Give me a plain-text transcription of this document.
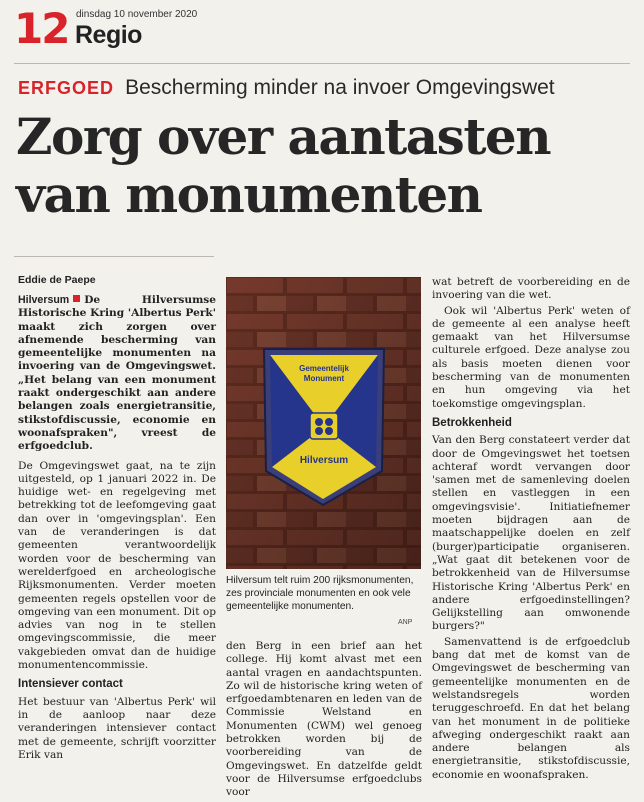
12 dinsdag 10 november 2020
Regio
ERFGOED Bescherming minder na invoer Omgevingswet
Zorg over aantasten
van monumenten
Eddie de Paepe

Hilversum De Hilversumse Historische Kring 'Albertus Perk' maakt zich zorgen over afnemende bescherming van gemeentelijke monumenten na invoering van de Omgevingswet. „Het belang van een monument raakt ondergeschikt aan andere belangen zoals energietransitie, stikstofdiscussie, economie en woonafspraken", vreest de erfgoedclub.

De Omgevingswet gaat, na te zijn uitgesteld, op 1 januari 2022 in. De huidige wet- en regelgeving met betrekking tot de leefomgeving gaat dan over in 'omgevingsplan'. Een van de veranderingen is dat gemeenten verantwoordelijk worden voor de bescherming van werelderfgoed en archeologische Rijksmonumenten. Verder moeten gemeenten regels opstellen voor de omgeving van een monument. Dit op advies van nog in te stellen omgevingscommissie, die meer vakgebieden omvat dan de huidige monumentencommissie.

Intensiever contact

Het bestuur van 'Albertus Perk' wil in de aanloop naar deze veranderingen intensiever contact met de gemeente, schrijft voorzitter Erik van

Gemeentelijk
Monument
Hilversum
Hilversum telt ruim 200 rijksmonumenten, zes provinciale monumenten en ook vele gemeentelijke monumenten.
ANP

den Berg in een brief aan het college. Hij komt alvast met een aantal vragen en aandachtspunten. Zo wil de historische kring weten of erfgoedambtenaren en leden van de Commissie Welstand en Monumenten (CWM) wel genoeg betrokken worden bij de voorbereiding van de Omgevingswet. En datzelfde geldt voor de Hilversumse erfgoedclubs voor

wat betreft de voorbereiding en de invoering van die wet.

Ook wil 'Albertus Perk' weten of de gemeente al een analyse heeft gemaakt van het Hilversumse culturele erfgoed. Deze analyse zou als basis moeten dienen voor bescherming van de monumenten en hun omgeving via het toekomstige omgevingsplan.

Betrokkenheid

Van den Berg constateert verder dat door de Omgevingswet het toetsen achteraf wordt vervangen door 'samen met de samenleving doelen stellen en vastleggen in een omgevingsvisie'. Initiatiefnemer moeten bijdragen aan de maatschappelijke doelen en zelf (burger)participatie organiseren. „Wat gaat dit betekenen voor de betrokkenheid van de Hilversumse Historische Kring 'Albertus Perk' en andere erfgoedinstellingen? Gelijkstelling aan omwonende burgers?"

Samenvattend is de erfgoedclub bang dat met de komst van de Omgevingswet de bescherming van gemeentelijke monumenten en de welstandsregels worden teruggeschroefd. En dat het belang van het monument in de politieke afweging ondergeschikt raakt aan andere belangen als energietransitie, stikstofdiscussie, economie en woonafspraken.
